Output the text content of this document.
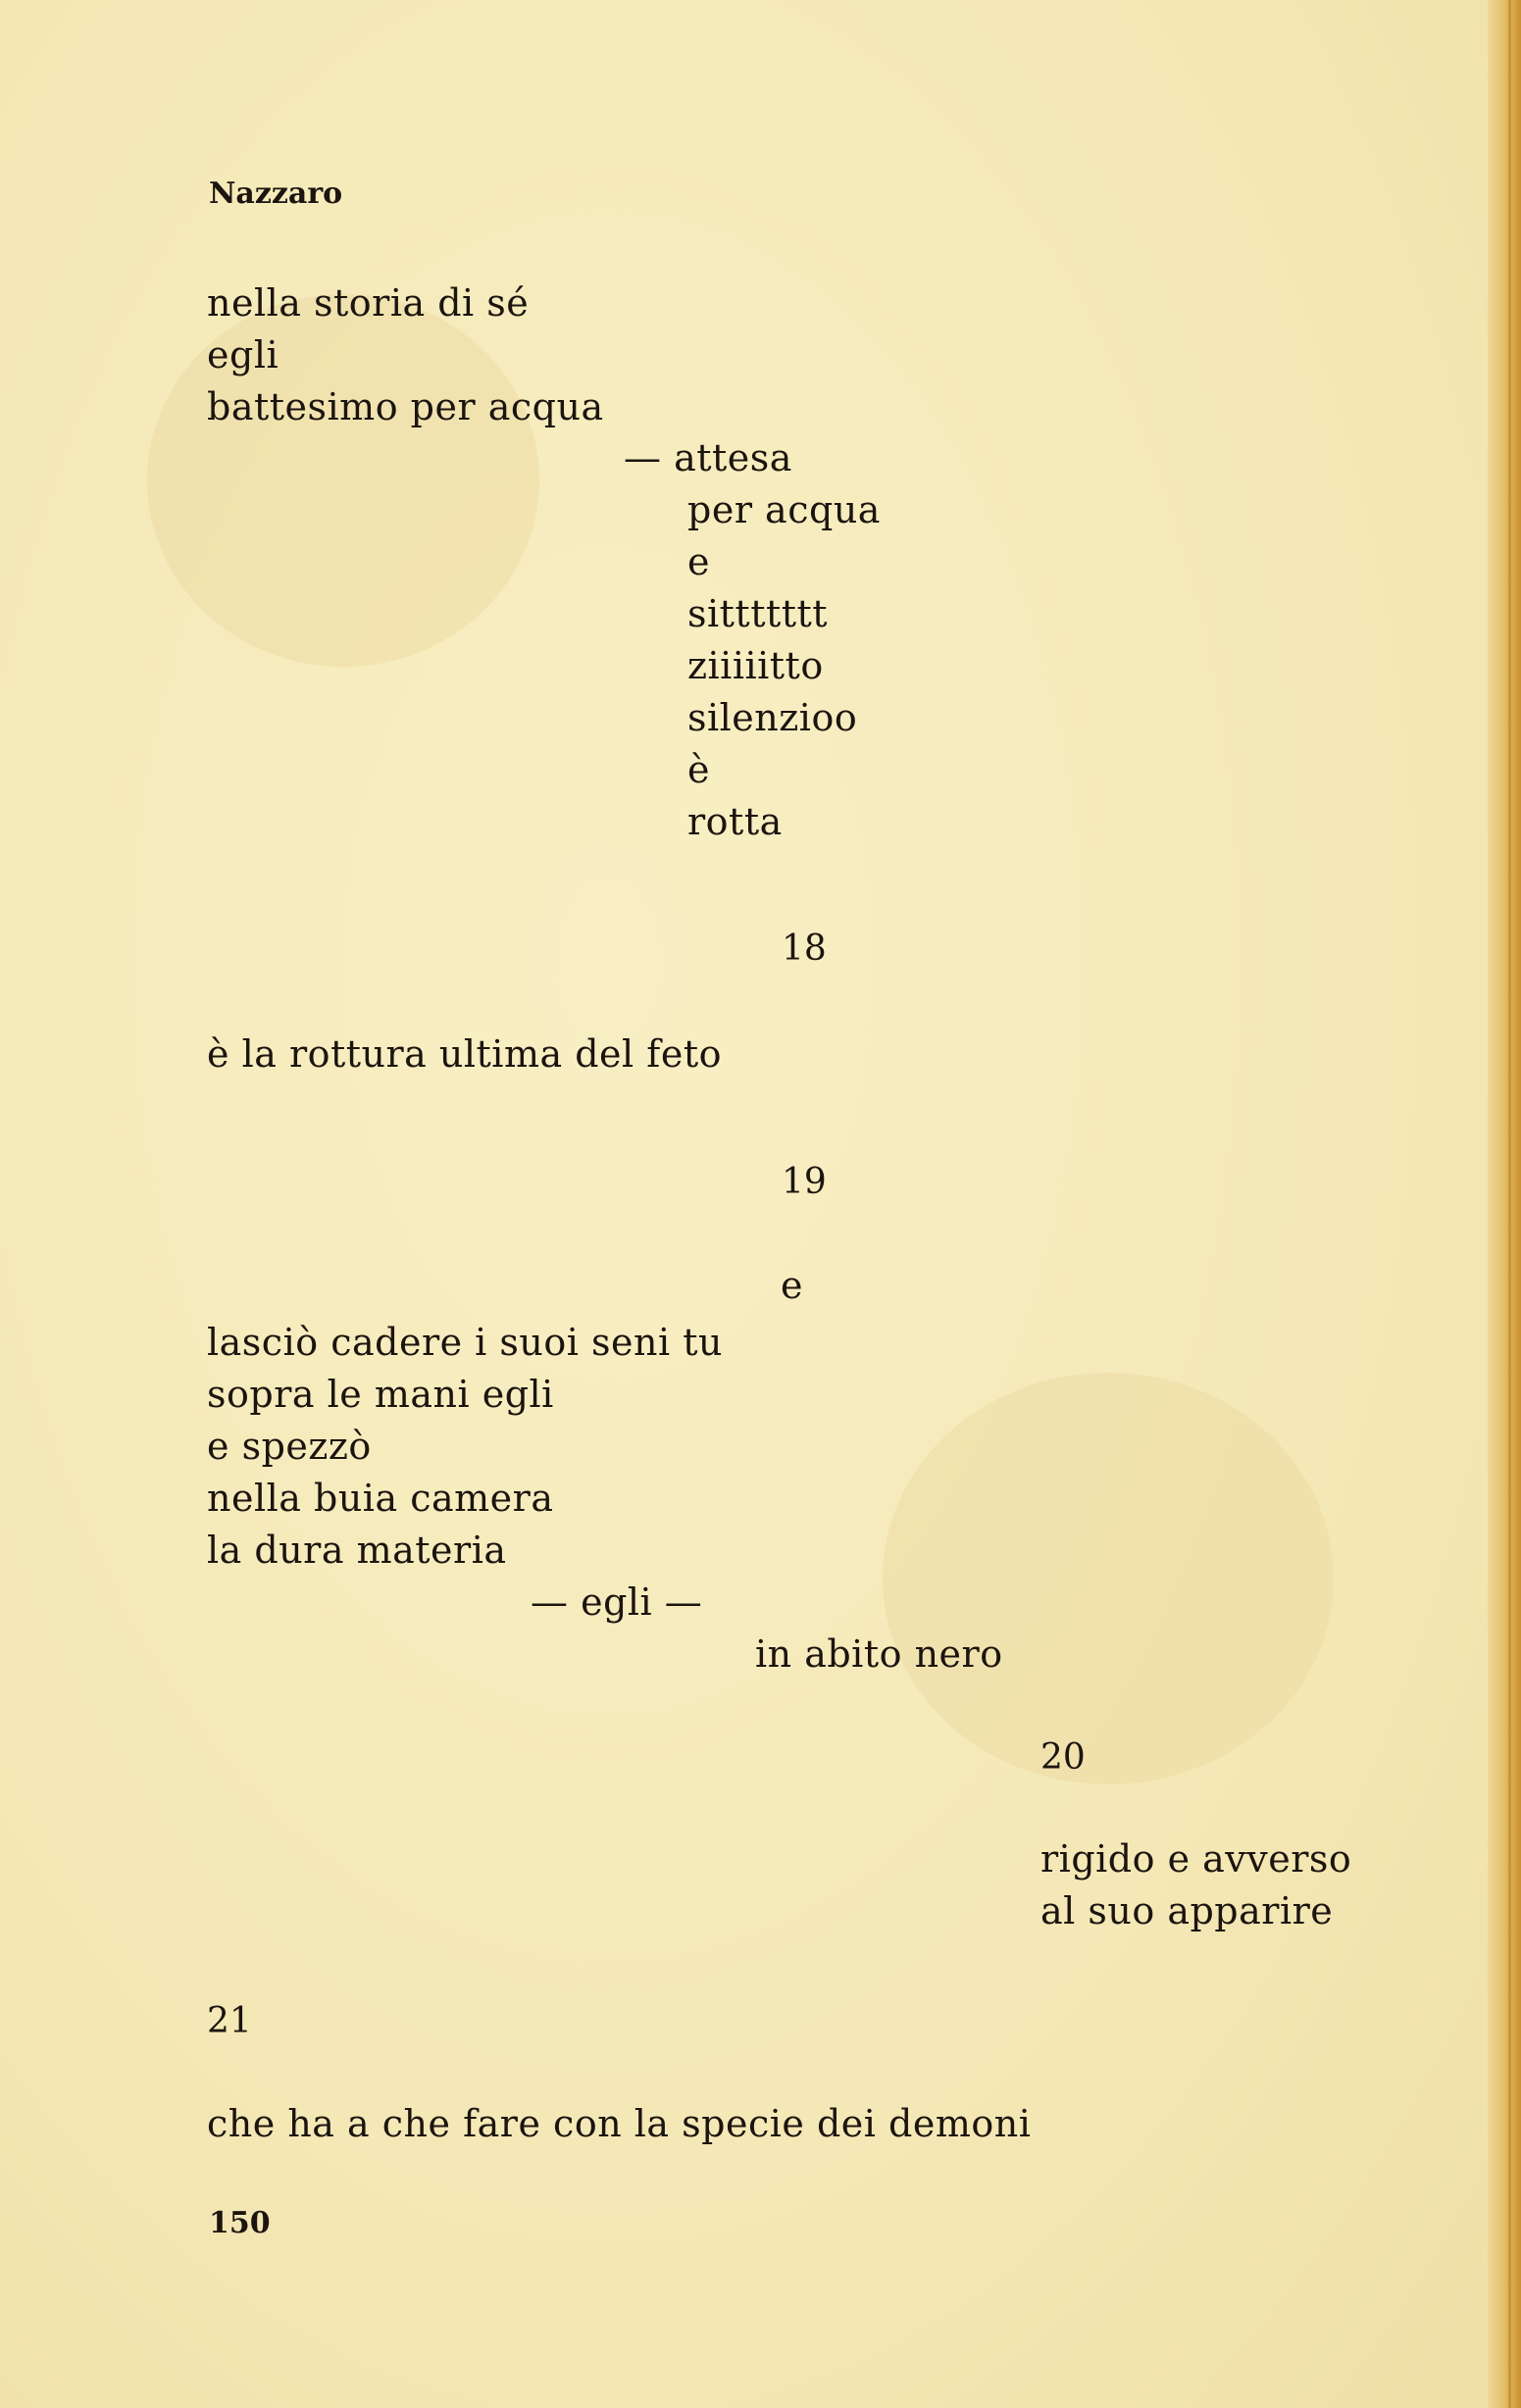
Nazzaro
nella storia di sé
egli
battesimo per acqua
— attesa
per acqua
e
sittttttt
ziiiiitto
silenzioo
è
rotta
18
è la rottura ultima del feto
19
e
lasciò cadere i suoi seni tu
sopra le mani egli
e spezzò
nella buia camera
la dura materia
— egli —
in abito nero
20
rigido e avverso
al suo apparire
21
che ha a che fare con la specie dei demoni
150
